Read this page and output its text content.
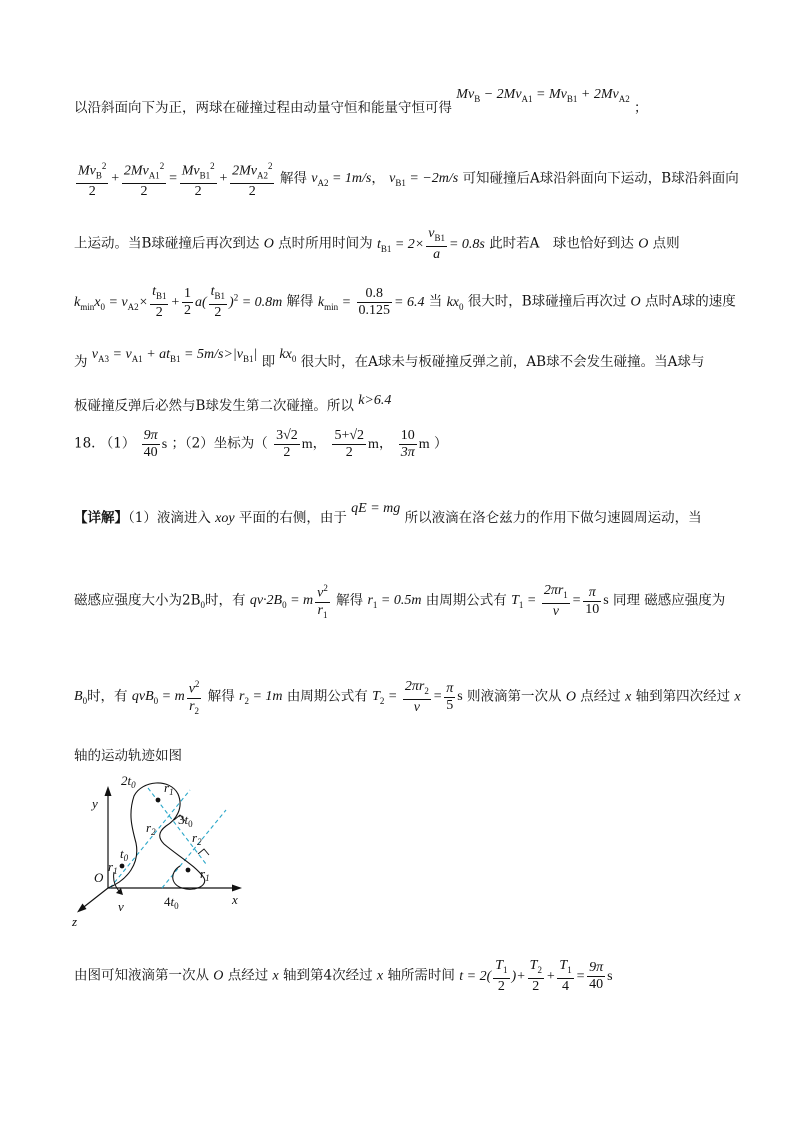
以沿斜面向下为正，两球在碰撞过程由动量守恒和能量守恒可得 $Mv_B - 2Mv_{A1} = Mv_{B1} + 2Mv_{A2}$ ；
$\frac{Mv_B^2}{2} + \frac{2Mv_{A1}^2}{2} = \frac{Mv_{B1}^2}{2} + \frac{2Mv_{A2}^2}{2}$ 解得 $v_{A2} = 1m/s$， $v_{B1} = -2m/s$ 可知碰撞后A球沿斜面向下运动，B球沿斜面向
上运动。当B球碰撞后再次到达 O 点时所用时间为 $t_{B1} = 2\times \frac{v_{B1}}{a} = 0.8s$ 此时若A　球也恰好到达 O 点则
$k_{min}x_0 = v_{A2}\times \frac{t_{B1}}{2} + \frac{1}{2} a( \frac{t_{B1}}{2} )^2 = 0.8m$ 解得 $k_{min} = \frac{0.8}{0.125} = 6.4$ 当 $kx_0$ 很大时，B球碰撞后再次过 O 点时A球的速度
为 $v_{A3} = v_{A1} + at_{B1} = 5m/s>|v_{B1}|$ 即 $kx_0$ 很大时，在A球未与板碰撞反弹之前，AB球不会发生碰撞。当A球与
板碰撞反弹后必然与B球发生第二次碰撞。所以 k>6.4
18. $(1) \frac{9\pi}{40}$ s ；（2）坐标为（ $\frac{3√2}{2}$ m， $\frac{5+√2}{2}$ m， $\frac{10}{3\pi}$ m ）
【详解】（1）液滴进入 xoy 平面的右侧，由于 qE = mg 所以液滴在洛仑兹力的作用下做匀速圆周运动，当
磁感应强度大小为$2B_0$时，有 $qv\cdot 2B_0 = m \frac{v^2}{r_1}$ 解得 $r_1 = 0.5m$ 由周期公式有 $T_1 = \frac{2\pi r_1}{v} = \frac{\pi}{10}$ s 同理 磁感应强度为
$B_0$时，有 qvB$_0$ = m $\frac{v^2}{r_2}$ 解得 $r_2 = 1m$ 由周期公式有 $T_2 = \frac{2\pi r_2}{v} = \frac{\pi}{5}$ s 则液滴第一次从 O 点经过 x 轴到第四次经过 x
轴的运动轨迹如图
$2t_0$ $r_1$
y
$3t_0$
$r_2$	$r_2$
$t_0$
$r_1$	$r_1$
O
v	$4t_0$	x
z
由图可知液滴第一次从 O 点经过 x 轴到第4次经过 x 轴所需时间 $t = 2( \frac{T_1}{2}$ )+ $\frac{T_2}{2} + \frac{T_1}{4} = \frac{9\pi}{40}$ s
